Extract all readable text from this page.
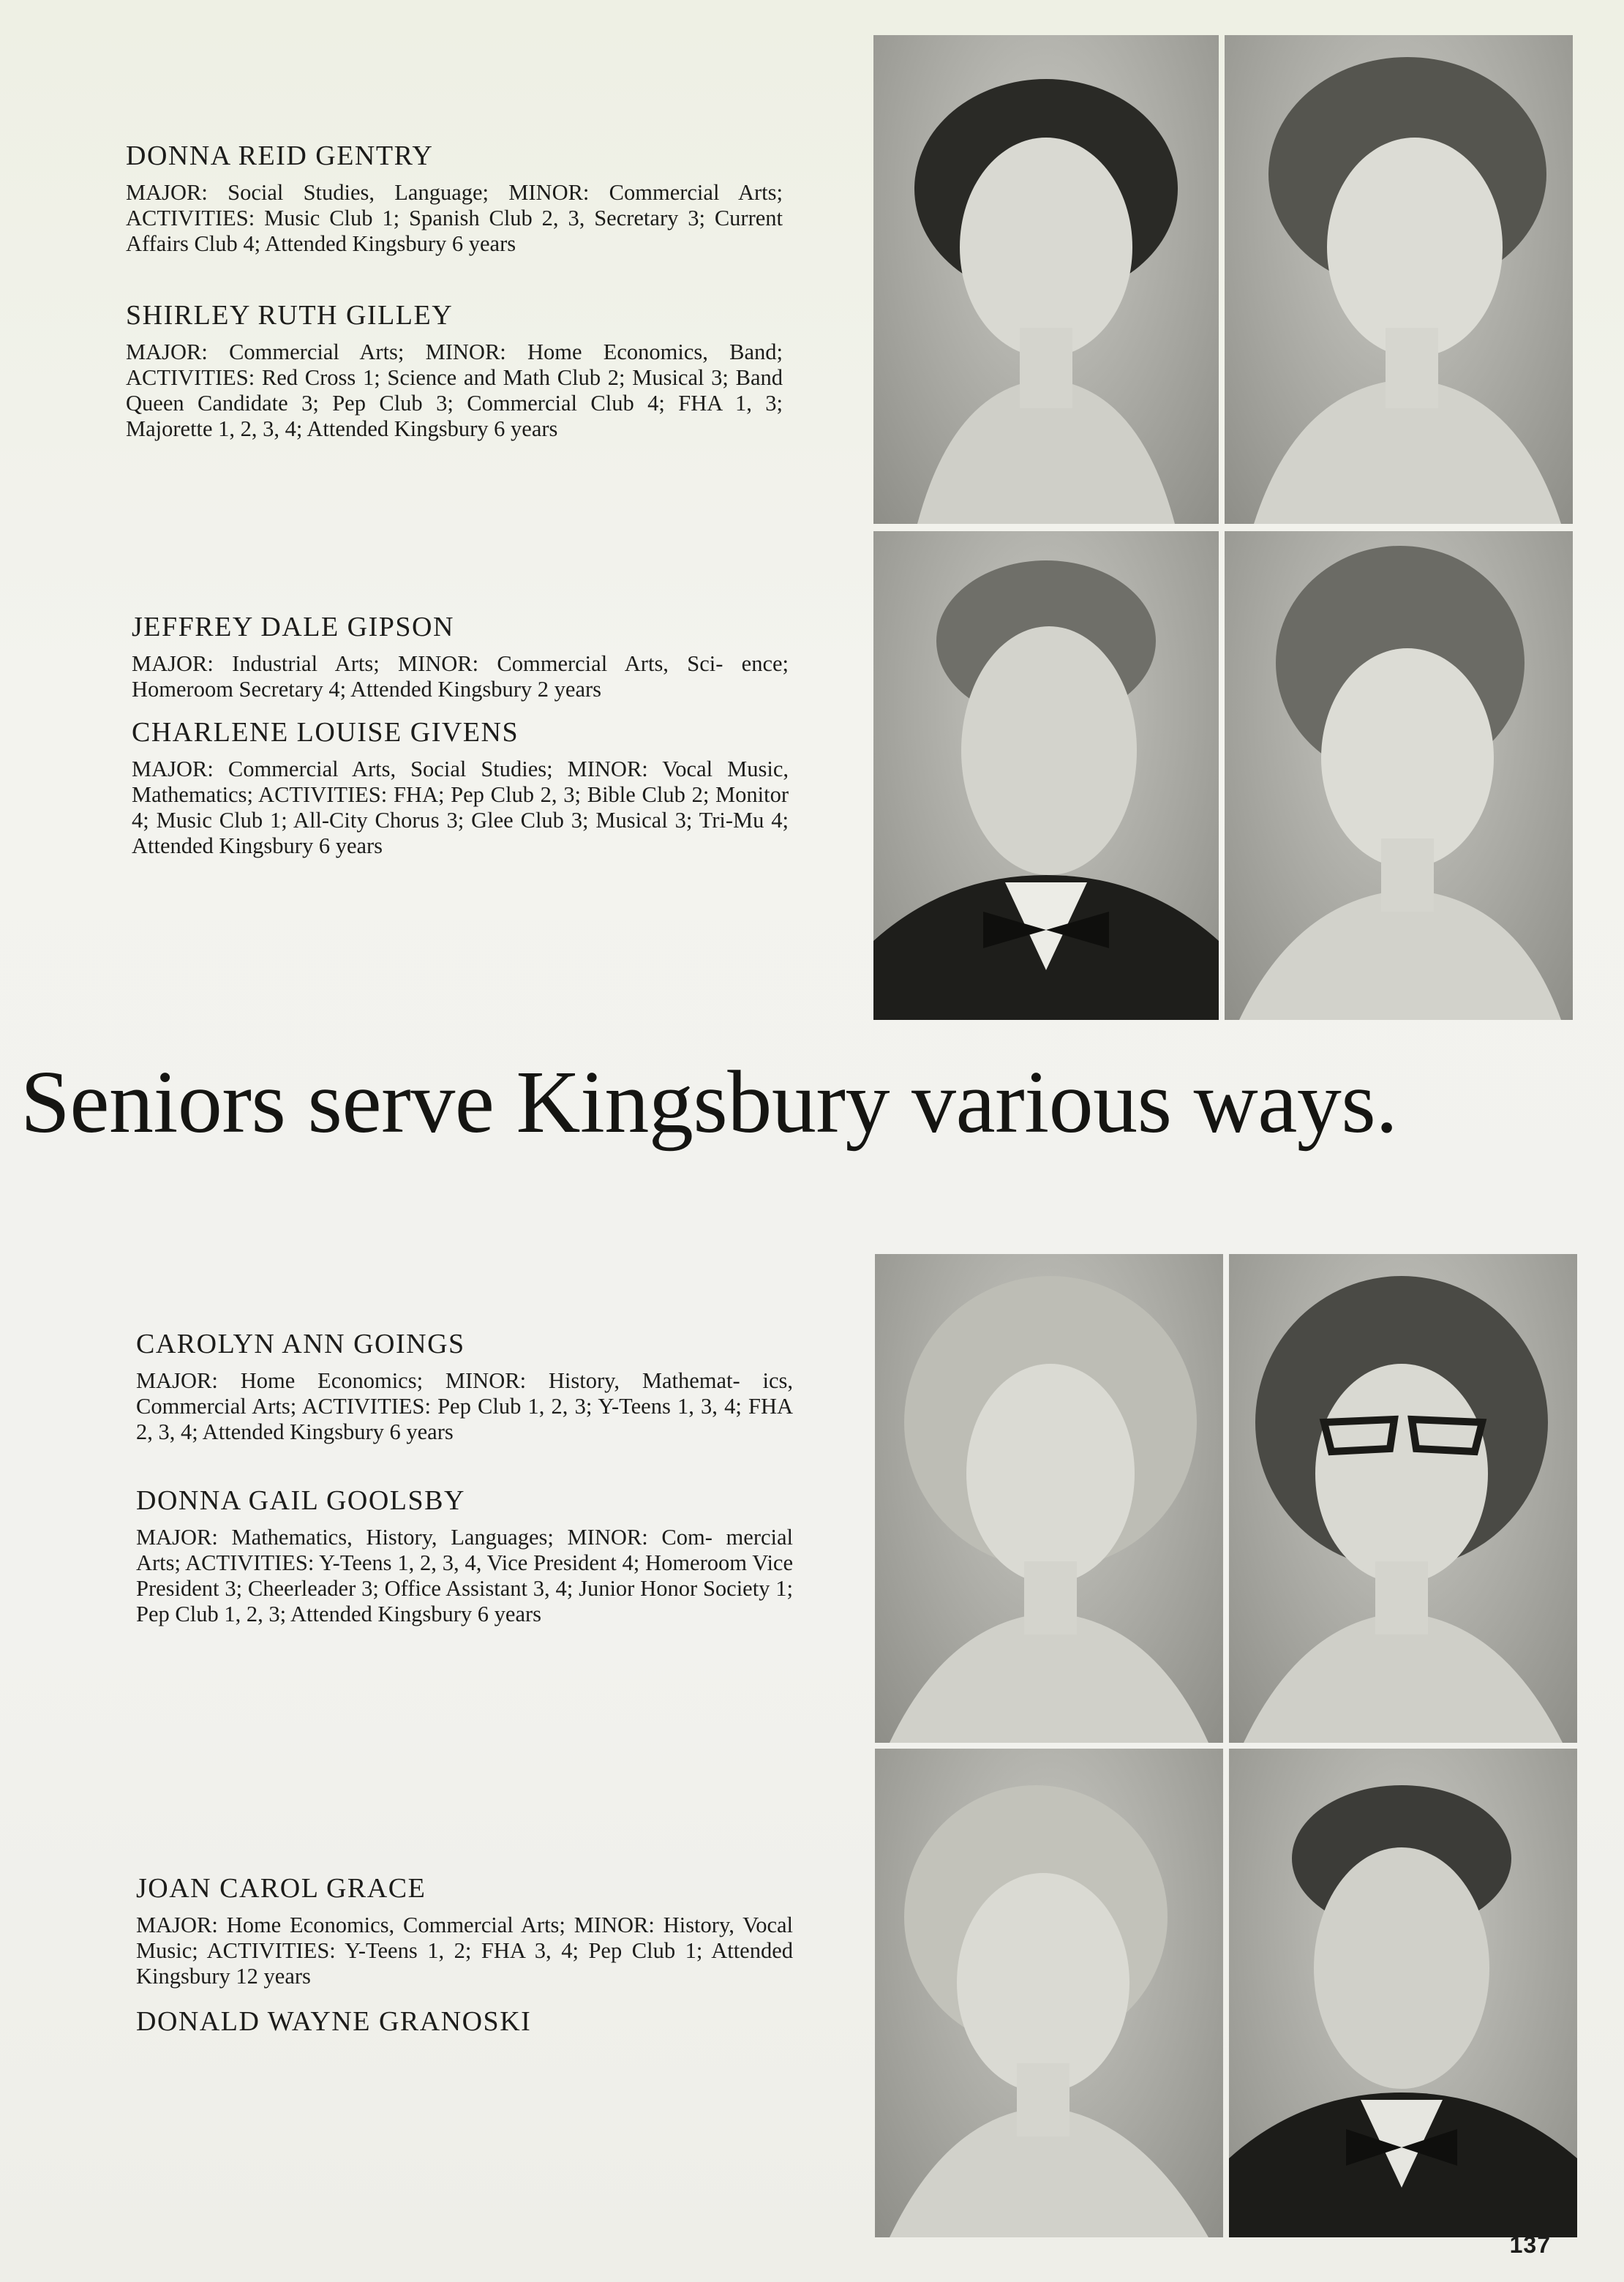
DONNA REID GENTRY

MAJOR: Social Studies, Language; MINOR: Commercial Arts; ACTIVITIES: Music Club 1; Spanish Club 2, 3, Secretary 3; Current Affairs Club 4; Attended Kingsbury 6 years

SHIRLEY RUTH GILLEY

MAJOR: Commercial Arts; MINOR: Home Economics, Band; ACTIVITIES: Red Cross 1; Science and Math Club 2; Musical 3; Band Queen Candidate 3; Pep Club 3; Commercial Club 4; FHA 1, 3; Majorette 1, 2, 3, 4; Attended Kingsbury 6 years

JEFFREY DALE GIPSON

MAJOR: Industrial Arts; MINOR: Commercial Arts, Sci- ence; Homeroom Secretary 4; Attended Kingsbury 2 years

CHARLENE LOUISE GIVENS

MAJOR: Commercial Arts, Social Studies; MINOR: Vocal Music, Mathematics; ACTIVITIES: FHA; Pep Club 2, 3; Bible Club 2; Monitor 4; Music Club 1; All-City Chorus 3; Glee Club 3; Musical 3; Tri-Mu 4; Attended Kingsbury 6 years

Seniors serve Kingsbury various ways.
CAROLYN ANN GOINGS

MAJOR: Home Economics; MINOR: History, Mathemat- ics, Commercial Arts; ACTIVITIES: Pep Club 1, 2, 3; Y-Teens 1, 3, 4; FHA 2, 3, 4; Attended Kingsbury 6 years

DONNA GAIL GOOLSBY

MAJOR: Mathematics, History, Languages; MINOR: Com- mercial Arts; ACTIVITIES: Y-Teens 1, 2, 3, 4, Vice President 4; Homeroom Vice President 3; Cheerleader 3; Office Assistant 3, 4; Junior Honor Society 1; Pep Club 1, 2, 3; Attended Kingsbury 6 years

JOAN CAROL GRACE

MAJOR: Home Economics, Commercial Arts; MINOR: History, Vocal Music; ACTIVITIES: Y-Teens 1, 2; FHA 3, 4; Pep Club 1; Attended Kingsbury 12 years

DONALD WAYNE GRANOSKI
137
